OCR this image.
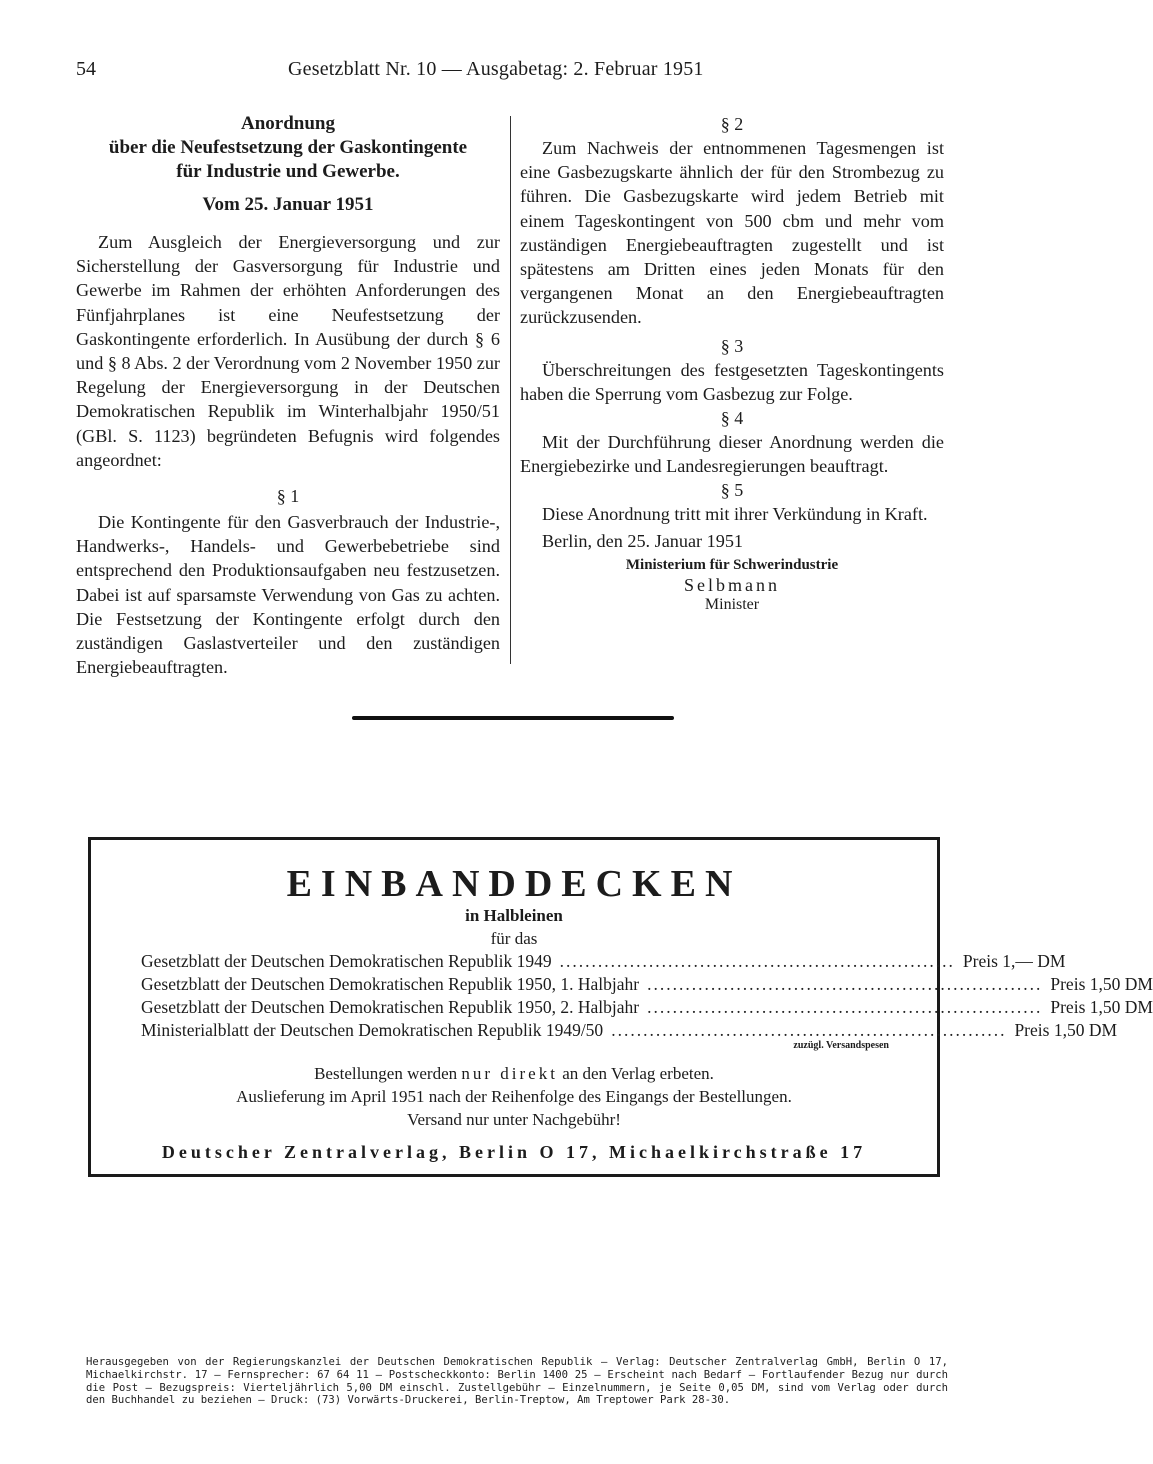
54	Gesetzblatt Nr. 10 — Ausgabetag: 2. Februar 1951
Anordnung
über die Neufestsetzung der Gaskontingente
für Industrie und Gewerbe.
Vom 25. Januar 1951

Zum Ausgleich der Energieversorgung und zur Sicherstellung der Gasversorgung für Industrie und Gewerbe im Rahmen der erhöhten Anforderungen des Fünfjahrplanes ist eine Neufestsetzung der Gaskontingente erforderlich. In Ausübung der durch § 6 und § 8 Abs. 2 der Verordnung vom 2 November 1950 zur Regelung der Energieversorgung in der Deutschen Demokratischen Republik im Winterhalbjahr 1950/51 (GBl. S. 1123) begründeten Befugnis wird folgendes angeordnet:

§ 1

Die Kontingente für den Gasverbrauch der Industrie-, Handwerks-, Handels- und Gewerbebetriebe sind entsprechend den Produktionsaufgaben neu festzusetzen. Dabei ist auf sparsamste Verwendung von Gas zu achten. Die Festsetzung der Kontingente erfolgt durch den zuständigen Gaslastverteiler und den zuständigen Energiebeauftragten.

§ 2

Zum Nachweis der entnommenen Tagesmengen ist eine Gasbezugskarte ähnlich der für den Strombezug zu führen. Die Gasbezugskarte wird jedem Betrieb mit einem Tageskontingent von 500 cbm und mehr vom zuständigen Energiebeauftragten zugestellt und ist spätestens am Dritten eines jeden Monats für den vergangenen Monat an den Energiebeauftragten zurückzusenden.

§ 3

Überschreitungen des festgesetzten Tageskontingents haben die Sperrung vom Gasbezug zur Folge.

§ 4

Mit der Durchführung dieser Anordnung werden die Energiebezirke und Landesregierungen beauftragt.

§ 5

Diese Anordnung tritt mit ihrer Verkündung in Kraft.

Berlin, den 25. Januar 1951

Ministerium für Schwerindustrie
Selbmann
Minister
EINBANDDECKEN
in Halbleinen
für das
Gesetzblatt der Deutschen Demokratischen Republik 1949 .............................................................. Preis 1,— DM
Gesetzblatt der Deutschen Demokratischen Republik 1950, 1. Halbjahr .............................................................. Preis 1,50 DM
Gesetzblatt der Deutschen Demokratischen Republik 1950, 2. Halbjahr .............................................................. Preis 1,50 DM
Ministerialblatt der Deutschen Demokratischen Republik 1949/50 .............................................................. Preis 1,50 DM
zuzügl. Versandspesen
Bestellungen werden nur direkt an den Verlag erbeten.
Auslieferung im April 1951 nach der Reihenfolge des Eingangs der Bestellungen.
Versand nur unter Nachgebühr!
Deutscher Zentralverlag, Berlin O 17, Michaelkirchstraße 17
Herausgegeben von der Regierungskanzlei der Deutschen Demokratischen Republik — Verlag: Deutscher Zentralverlag GmbH, Berlin O 17, Michaelkirchstr. 17 — Fernsprecher: 67 64 11 — Postscheckkonto: Berlin 1400 25 — Erscheint nach Bedarf — Fortlaufender Bezug nur durch die Post — Bezugspreis: Vierteljährlich 5,00 DM einschl. Zustellgebühr — Einzelnummern, je Seite 0,05 DM, sind vom Verlag oder durch den Buchhandel zu beziehen — Druck: (73) Vorwärts-Druckerei, Berlin-Treptow, Am Treptower Park 28-30.
